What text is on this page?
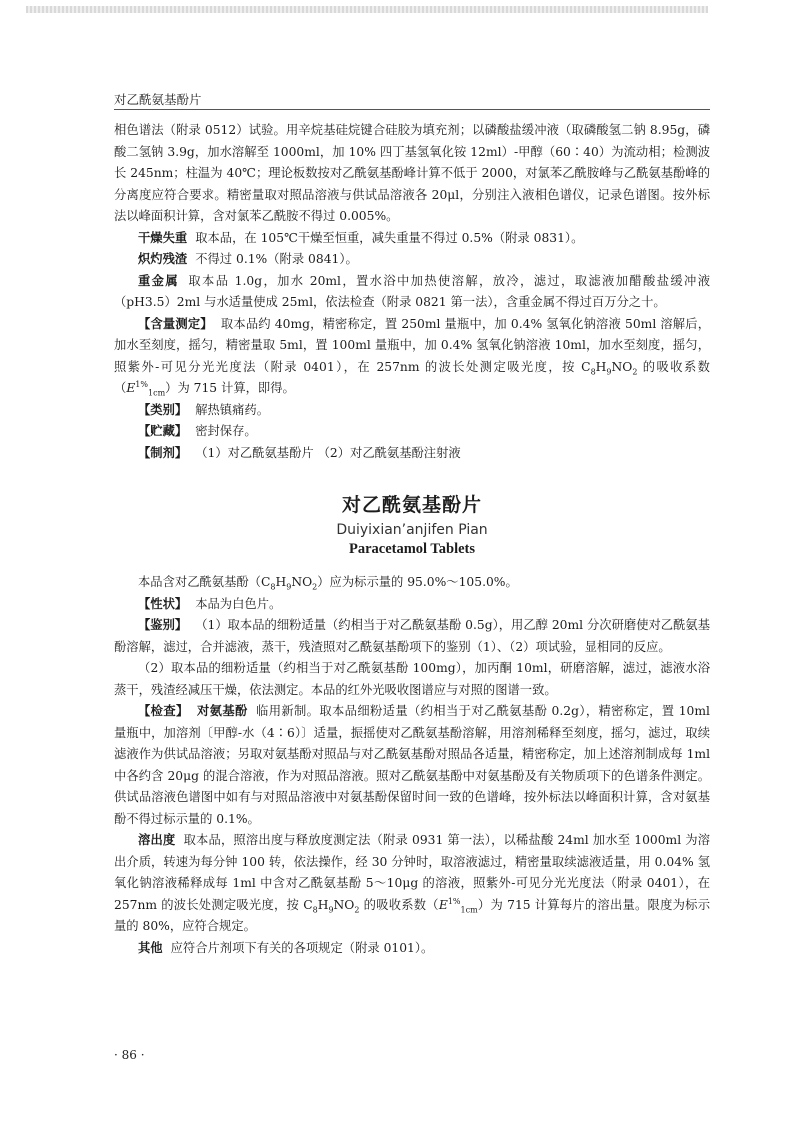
对乙酰氨基酚片

相色谱法（附录 0512）试验。用辛烷基硅烷键合硅胶为填充剂；以磷酸盐缓冲液（取磷酸氢二钠 8.95g，磷酸二氢钠 3.9g，加水溶解至 1000ml，加 10% 四丁基氢氧化铵 12ml）-甲醇（60∶40）为流动相；检测波长 245nm；柱温为 40℃；理论板数按对乙酰氨基酚峰计算不低于 2000，对氯苯乙酰胺峰与乙酰氨基酚峰的分离度应符合要求。精密量取对照品溶液与供试品溶液各 20μl，分别注入液相色谱仪，记录色谱图。按外标法以峰面积计算，含对氯苯乙酰胺不得过 0.005%。

干燥失重 取本品，在 105℃干燥至恒重，减失重量不得过 0.5%（附录 0831）。

炽灼残渣 不得过 0.1%（附录 0841）。

重金属 取本品 1.0g，加水 20ml，置水浴中加热使溶解，放冷，滤过，取滤液加醋酸盐缓冲液（pH3.5）2ml 与水适量使成 25ml，依法检查（附录 0821 第一法），含重金属不得过百万分之十。

【含量测定】 取本品约 40mg，精密称定，置 250ml 量瓶中，加 0.4% 氢氧化钠溶液 50ml 溶解后，加水至刻度，摇匀，精密量取 5ml，置 100ml 量瓶中，加 0.4% 氢氧化钠溶液 10ml，加水至刻度，摇匀，照紫外-可见分光光度法（附录 0401），在 257nm 的波长处测定吸光度，按 $C_8H_9NO_2$ 的吸收系数$(E^{1\%}_{1cm})$为 715 计算，即得。

【类别】 解热镇痛药。

【贮藏】 密封保存。

【制剂】 （1）对乙酰氨基酚片 （2）对乙酰氨基酚注射液

对乙酰氨基酚片
Duiyixian’anjifen Pian
Paracetamol Tablets

本品含对乙酰氨基酚$(C_8H_9NO_2)$应为标示量的 95.0%～105.0%。

【性状】 本品为白色片。

【鉴别】 （1）取本品的细粉适量（约相当于对乙酰氨基酚 0.5g），用乙醇 20ml 分次研磨使对乙酰氨基酚溶解，滤过，合并滤液，蒸干，残渣照对乙酰氨基酚项下的鉴别（1）、（2）项试验，显相同的反应。

（2）取本品的细粉适量（约相当于对乙酰氨基酚 100mg），加丙酮 10ml，研磨溶解，滤过，滤液水浴蒸干，残渣经减压干燥，依法测定。本品的红外光吸收图谱应与对照的图谱一致。

【检查】 对氨基酚 临用新制。取本品细粉适量（约相当于对乙酰氨基酚 0.2g），精密称定，置 10ml 量瓶中，加溶剂〔甲醇-水（4∶6）〕适量，振摇使对乙酰氨基酚溶解，用溶剂稀释至刻度，摇匀，滤过，取续滤液作为供试品溶液；另取对氨基酚对照品与对乙酰氨基酚对照品各适量，精密称定，加上述溶剂制成每 1ml 中各约含 20μg 的混合溶液，作为对照品溶液。照对乙酰氨基酚中对氨基酚及有关物质项下的色谱条件测定。供试品溶液色谱图中如有与对照品溶液中对氨基酚保留时间一致的色谱峰，按外标法以峰面积计算，含对氨基酚不得过标示量的 0.1%。

溶出度 取本品，照溶出度与释放度测定法（附录 0931 第一法），以稀盐酸 24ml 加水至 1000ml 为溶出介质，转速为每分钟 100 转，依法操作，经 30 分钟时，取溶液滤过，精密量取续滤液适量，用 0.04% 氢氧化钠溶液稀释成每 1ml 中含对乙酰氨基酚 5～10μg 的溶液，照紫外-可见分光光度法（附录 0401），在 257nm 的波长处测定吸光度，按 $C_8H_9NO_2$ 的吸收系数$(E^{1\%}_{1cm})$为 715 计算每片的溶出量。限度为标示量的 80%，应符合规定。

其他 应符合片剂项下有关的各项规定（附录 0101）。

· 86 ·
